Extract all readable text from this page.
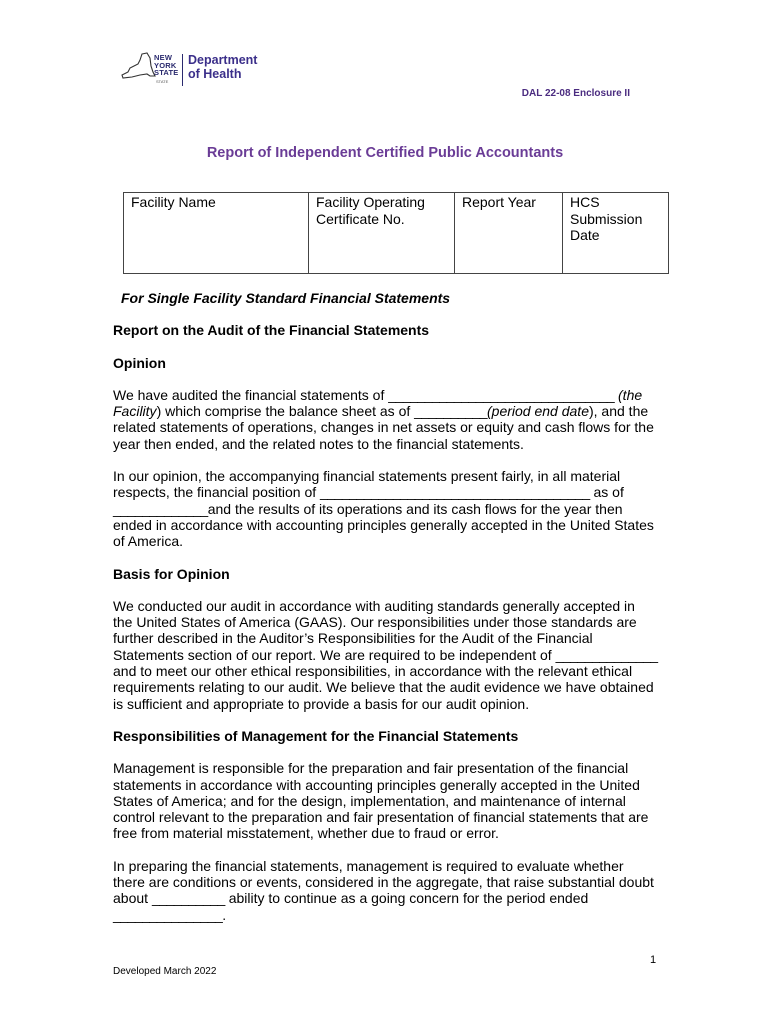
NEW
YORK
STATE
STATE
Department
of Health
DAL 22-08 Enclosure II
Report of Independent Certified Public Accountants
Facility Name	Facility Operating Certificate No.	Report Year	HCS Submission Date

For Single Facility Standard Financial Statements

Report on the Audit of the Financial Statements

Opinion

We have audited the financial statements of _______________________________ (the Facility) which comprise the balance sheet as of __________(period end date), and the related statements of operations, changes in net assets or equity and cash flows for the year then ended, and the related notes to the financial statements.

In our opinion, the accompanying financial statements present fairly, in all material respects, the financial position of _____________________________________ as of _____________and the results of its operations and its cash flows for the year then ended in accordance with accounting principles generally accepted in the United States of America.

Basis for Opinion

We conducted our audit in accordance with auditing standards generally accepted in the United States of America (GAAS). Our responsibilities under those standards are further described in the Auditor’s Responsibilities for the Audit of the Financial Statements section of our report. We are required to be independent of ______________ and to meet our other ethical responsibilities, in accordance with the relevant ethical requirements relating to our audit. We believe that the audit evidence we have obtained is sufficient and appropriate to provide a basis for our audit opinion.

Responsibilities of Management for the Financial Statements

Management is responsible for the preparation and fair presentation of the financial statements in accordance with accounting principles generally accepted in the United States of America; and for the design, implementation, and maintenance of internal control relevant to the preparation and fair presentation of financial statements that are free from material misstatement, whether due to fraud or error.

In preparing the financial statements, management is required to evaluate whether there are conditions or events, considered in the aggregate, that raise substantial doubt about __________ ability to continue as a going concern for the period ended _______________.

1
Developed March 2022
